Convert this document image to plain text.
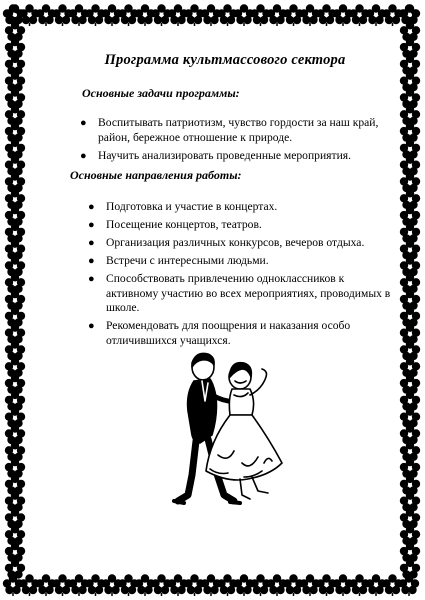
Программа культмассового сектора
Основные задачи программы:
● Воспитывать патриотизм, чувство гордости за наш край, район, бережное отношение к природе.
● Научить анализировать проведенные мероприятия.
Основные направления работы:
● Подготовка и участие в концертах.
● Посещение концертов, театров.
● Организация различных конкурсов, вечеров отдыха.
● Встречи с интересными людьми.
● Способствовать привлечению одноклассников к активному участию во всех мероприятиях, проводимых в школе.
● Рекомендовать для поощрения и наказания особо отличившихся учащихся.
